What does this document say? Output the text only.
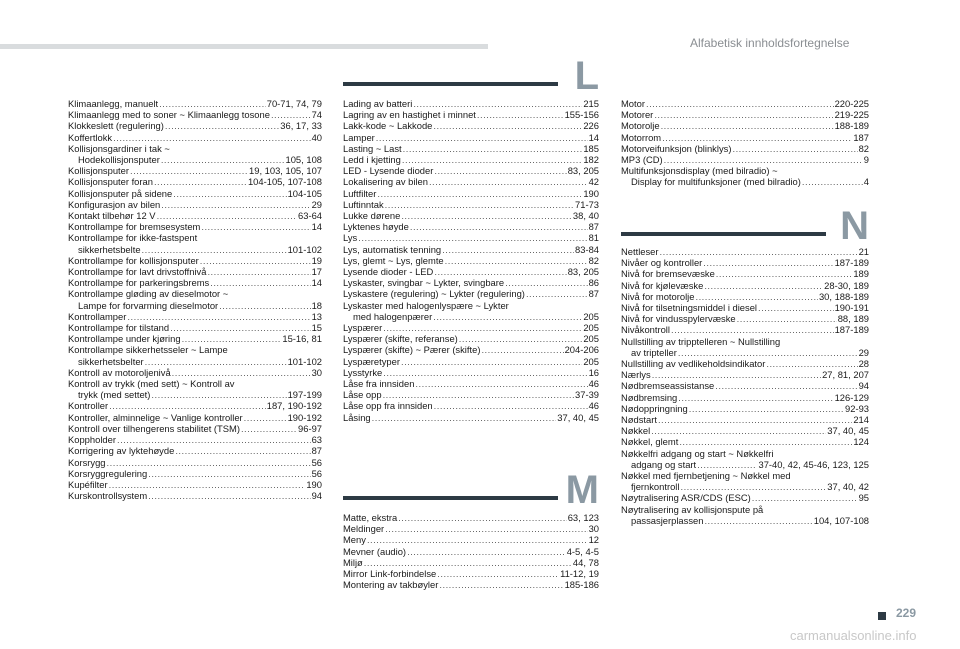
Alfabetisk innholdsfortegnelse
Klimaanlegg, manuelt .....	70-71, 74, 79
Klimaanlegg med to soner ~ Klimaanlegg tosone .....	74
Klokkeslett (regulering) .....	36, 17, 33
Koffertlokk .....	40
Kollisjonsgardiner i tak ~
Hodekollisjonsputer .....	105, 108
Kollisjonsputer .....	19, 103, 105, 107
Kollisjonsputer foran .....	104-105, 107-108
Kollisjonsputer på sidene .....	104-105
Konfigurasjon av bilen .....	29
Kontakt tilbehør 12 V .....	63-64
Kontrollampe for bremsesystem .....	14
Kontrollampe for ikke-fastspent
sikkerhetsbelte .....	101-102
Kontrollampe for kollisjonsputer .....	19
Kontrollampe for lavt drivstoffnivå .....	17
Kontrollampe for parkeringsbrems .....	14
Kontrollampe gløding av dieselmotor ~
Lampe for forvarming dieselmotor .....	18
Kontrollamper .....	13
Kontrollampe for tilstand .....	15
Kontrollampe under kjøring .....	15-16, 81
Kontrollampe sikkerhetsseler ~ Lampe
sikkerhetsbelter .....	101-102
Kontroll av motoroljenivå .....	30
Kontroll av trykk (med sett) ~ Kontroll av
trykk (med settet) .....	197-199
Kontroller .....	187, 190-192
Kontroller, alminnelige ~ Vanlige kontroller .....	190-192
Kontroll over tilhengerens stabilitet (TSM) .....	96-97
Koppholder .....	63
Korrigering av lyktehøyde .....	87
Korsrygg .....	56
Korsryggregulering .....	56
Kupéfilter .....	190
Kurskontrollsystem .....	94
L
Lading av batteri .....	215
Lagring av en hastighet i minnet .....	155-156
Lakk-kode ~ Lakkode .....	226
Lamper .....	14
Lasting ~ Last .....	185
Ledd i kjetting .....	182
LED - Lysende dioder .....	83, 205
Lokalisering av bilen .....	42
Luftfilter .....	190
Luftinntak .....	71-73
Lukke dørene .....	38, 40
Lyktenes høyde .....	87
Lys .....	81
Lys, automatisk tenning .....	83-84
Lys, glemt ~ Lys, glemte .....	82
Lysende dioder - LED .....	83, 205
Lyskaster, svingbar ~ Lykter, svingbare .....	86
Lyskastere (regulering) ~ Lykter (regulering) .....	87
Lyskaster med halogenlyspære ~ Lykter
med halogenpærer .....	205
Lyspærer .....	205
Lyspærer (skifte, referanse) .....	205
Lyspærer (skifte) ~ Pærer (skifte) .....	204-206
Lyspæretyper .....	205
Lysstyrke .....	16
Låse fra innsiden .....	46
Låse opp .....	37-39
Låse opp fra innsiden .....	46
Låsing .....	37, 40, 45
M
Matte, ekstra .....	63, 123
Meldinger .....	30
Meny .....	12
Mevner (audio) .....	4-5, 4-5
Miljø .....	44, 78
Mirror Link-forbindelse .....	11-12, 19
Montering av takbøyler .....	185-186
Motor .....	220-225
Motorer .....	219-225
Motorolje .....	188-189
Motorrom .....	187
Motorveifunksjon (blinklys) .....	82
MP3 (CD) .....	9
Multifunksjonsdisplay (med bilradio) ~
Display for multifunksjoner (med bilradio) .....	4
N
Nettleser .....	21
Nivåer og kontroller .....	187-189
Nivå for bremsevæske .....	189
Nivå for kjølevæske .....	28-30, 189
Nivå for motorolje .....	30, 188-189
Nivå for tilsetningsmiddel i diesel .....	190-191
Nivå for vindusspylervæske .....	88, 189
Nivåkontroll .....	187-189
Nullstilling av tripptelleren ~ Nullstilling
av tripteller .....	29
Nullstilling av vedlikeholdsindikator .....	28
Nærlys .....	27, 81, 207
Nødbremseassistanse .....	94
Nødbremsing .....	126-129
Nødoppringning .....	92-93
Nødstart .....	214
Nøkkel .....	37, 40, 45
Nøkkel, glemt .....	124
Nøkkelfri adgang og start ~ Nøkkelfri
adgang og start .....	37-40, 42, 45-46, 123, 125
Nøkkel med fjernbetjening ~ Nøkkel med
fjernkontroll .....	37, 40, 42
Nøytralisering ASR/CDS (ESC) .....	95
Nøytralisering av kollisjonspute på
passasjerplassen .....	104, 107-108
229
carmanualsonline.info
